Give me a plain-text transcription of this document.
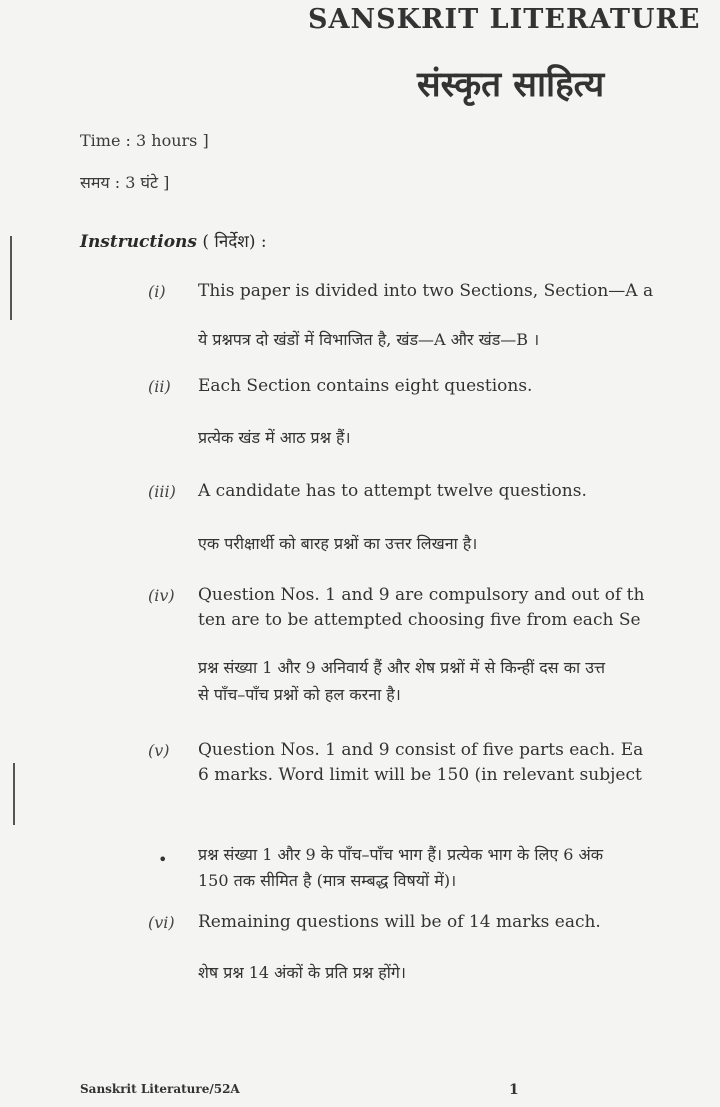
SANSKRIT LITERATURE
संस्कृत साहित्य
Time : 3 hours ]
समय : 3 घंटे ]
Instructions ( निर्देश) :
(i) This paper is divided into two Sections, Section—A a
ये प्रश्नपत्र दो खंडों में विभाजित है, खंड—A और खंड—B ।
(ii) Each Section contains eight questions.
प्रत्येक खंड में आठ प्रश्न हैं।
(iii) A candidate has to attempt twelve questions.
एक परीक्षार्थी को बारह प्रश्नों का उत्तर लिखना है।
(iv) Question Nos. 1 and 9 are compulsory and out of th
ten are to be attempted choosing five from each Se
प्रश्न संख्या 1 और 9 अनिवार्य हैं और शेष प्रश्नों में से किन्हीं दस का उत्त
से पाँच–पाँच प्रश्नों को हल करना है।
(v) Question Nos. 1 and 9 consist of five parts each. Ea
6 marks. Word limit will be 150 (in relevant subject
• प्रश्न संख्या 1 और 9 के पाँच–पाँच भाग हैं। प्रत्येक भाग के लिए 6 अंक
150 तक सीमित है (मात्र सम्बद्ध विषयों में)।
(vi) Remaining questions will be of 14 marks each.
शेष प्रश्न 14 अंकों के प्रति प्रश्न होंगे।
Sanskrit Literature/52A	1
